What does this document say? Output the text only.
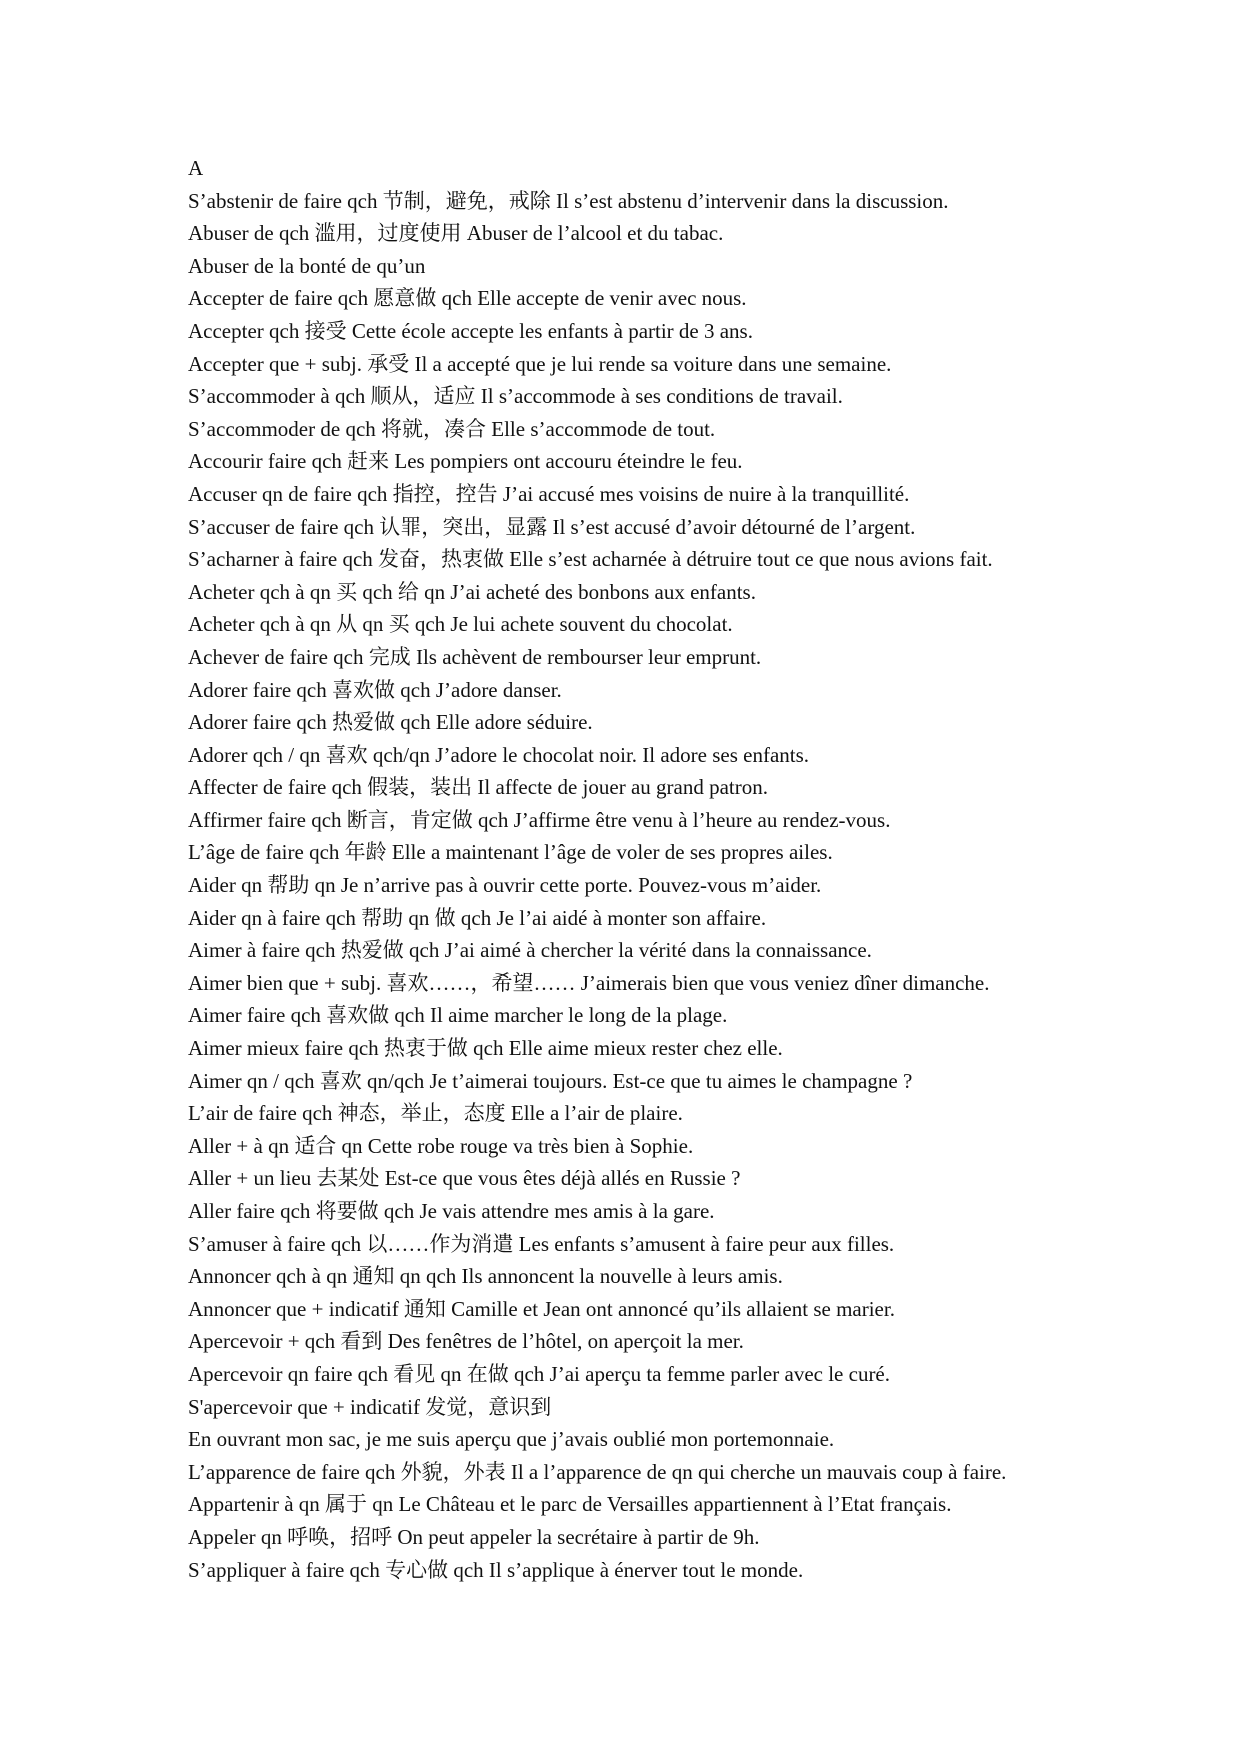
A
S’abstenir de faire qch 节制，避免，戒除 Il s’est abstenu d’intervenir dans la discussion.
Abuser de qch 滥用，过度使用 Abuser de l’alcool et du tabac.
Abuser de la bonté de qu’un
Accepter de faire qch 愿意做 qch Elle accepte de venir avec nous.
Accepter qch 接受 Cette école accepte les enfants à partir de 3 ans.
Accepter que + subj. 承受 Il a accepté que je lui rende sa voiture dans une semaine.
S’accommoder à qch 顺从，适应 Il s’accommode à ses conditions de travail.
S’accommoder de qch 将就，凑合 Elle s’accommode de tout.
Accourir faire qch 赶来 Les pompiers ont accouru éteindre le feu.
Accuser qn de faire qch 指控，控告 J’ai accusé mes voisins de nuire à la tranquillité.
S’accuser de faire qch 认罪，突出，显露 Il s’est accusé d’avoir détourné de l’argent.
S’acharner à faire qch 发奋，热衷做 Elle s’est acharnée à détruire tout ce que nous avions fait.
Acheter qch à qn 买 qch 给 qn J’ai acheté des bonbons aux enfants.
Acheter qch à qn 从 qn 买 qch Je lui achete souvent du chocolat.
Achever de faire qch 完成 Ils achèvent de rembourser leur emprunt.
Adorer faire qch 喜欢做 qch J’adore danser.
Adorer faire qch 热爱做 qch Elle adore séduire.
Adorer qch / qn 喜欢 qch/qn J’adore le chocolat noir. Il adore ses enfants.
Affecter de faire qch 假装，装出 Il affecte de jouer au grand patron.
Affirmer faire qch 断言，肯定做 qch J’affirme être venu à l’heure au rendez-vous.
L’âge de faire qch 年龄 Elle a maintenant l’âge de voler de ses propres ailes.
Aider qn 帮助 qn Je n’arrive pas à ouvrir cette porte. Pouvez-vous m’aider.
Aider qn à faire qch 帮助 qn 做 qch Je l’ai aidé à monter son affaire.
Aimer à faire qch 热爱做 qch J’ai aimé à chercher la vérité dans la connaissance.
Aimer bien que + subj. 喜欢……，希望…… J’aimerais bien que vous veniez dîner dimanche.
Aimer faire qch 喜欢做 qch Il aime marcher le long de la plage.
Aimer mieux faire qch 热衷于做 qch Elle aime mieux rester chez elle.
Aimer qn / qch 喜欢 qn/qch Je t’aimerai toujours. Est-ce que tu aimes le champagne ?
L’air de faire qch 神态，举止，态度 Elle a l’air de plaire.
Aller + à qn 适合 qn Cette robe rouge va très bien à Sophie.
Aller + un lieu 去某处 Est-ce que vous êtes déjà allés en Russie ?
Aller faire qch 将要做 qch Je vais attendre mes amis à la gare.
S’amuser à faire qch 以……作为消遣 Les enfants s’amusent à faire peur aux filles.
Annoncer qch à qn 通知 qn qch Ils annoncent la nouvelle à leurs amis.
Annoncer que + indicatif 通知 Camille et Jean ont annoncé qu’ils allaient se marier.
Apercevoir + qch 看到 Des fenêtres de l’hôtel, on aperçoit la mer.
Apercevoir qn faire qch 看见 qn 在做 qch J’ai aperçu ta femme parler avec le curé.
S'apercevoir que + indicatif 发觉，意识到
En ouvrant mon sac, je me suis aperçu que j’avais oublié mon portemonnaie.
L’apparence de faire qch 外貌，外表 Il a l’apparence de qn qui cherche un mauvais coup à faire.
Appartenir à qn 属于 qn Le Château et le parc de Versailles appartiennent à l’Etat français.
Appeler qn 呼唤，招呼 On peut appeler la secrétaire à partir de 9h.
S’appliquer à faire qch 专心做 qch Il s’applique à énerver tout le monde.
